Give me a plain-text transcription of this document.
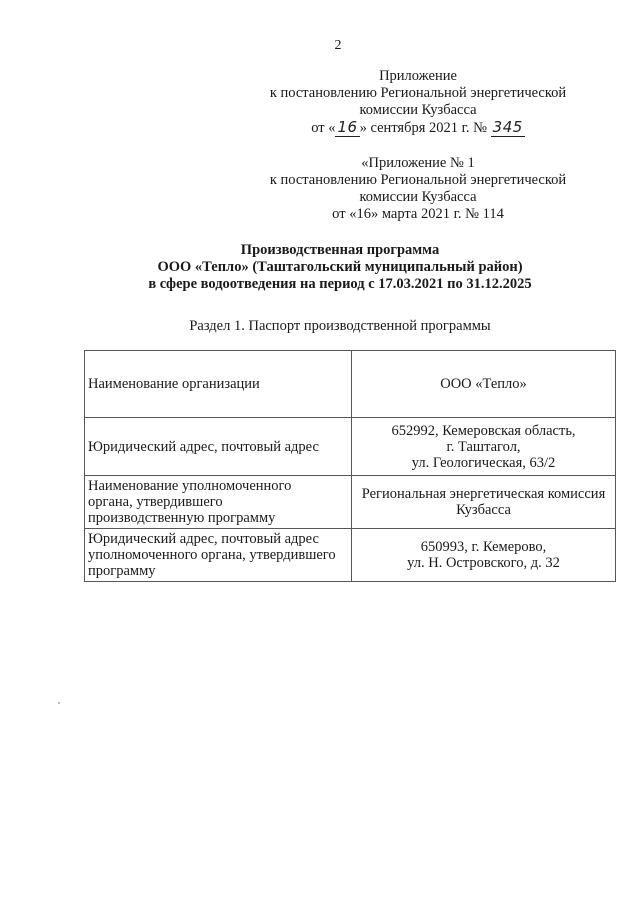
2
Приложение
к постановлению Региональной энергетической
комиссии Кузбасса
от « 16 » сентября 2021 г. № 345
«Приложение № 1
к постановлению Региональной энергетической
комиссии Кузбасса
от «16» марта 2021 г. № 114
Производственная программа
ООО «Тепло» (Таштагольский муниципальный район)
в сфере водоотведения на период с 17.03.2021 по 31.12.2025
Раздел 1. Паспорт производственной программы
Наименование организации	ООО «Тепло»

Юридический адрес, почтовый адрес	652992, Кемеровская область,
г. Таштагол,
ул. Геологическая, 63/2

Наименование уполномоченного
органа, утвердившего
производственную программу	Региональная энергетическая комиссия
Кузбасса

Юридический адрес, почтовый адрес
уполномоченного органа, утвердившего
программу	650993, г. Кемерово,
ул. Н. Островского, д. 32
